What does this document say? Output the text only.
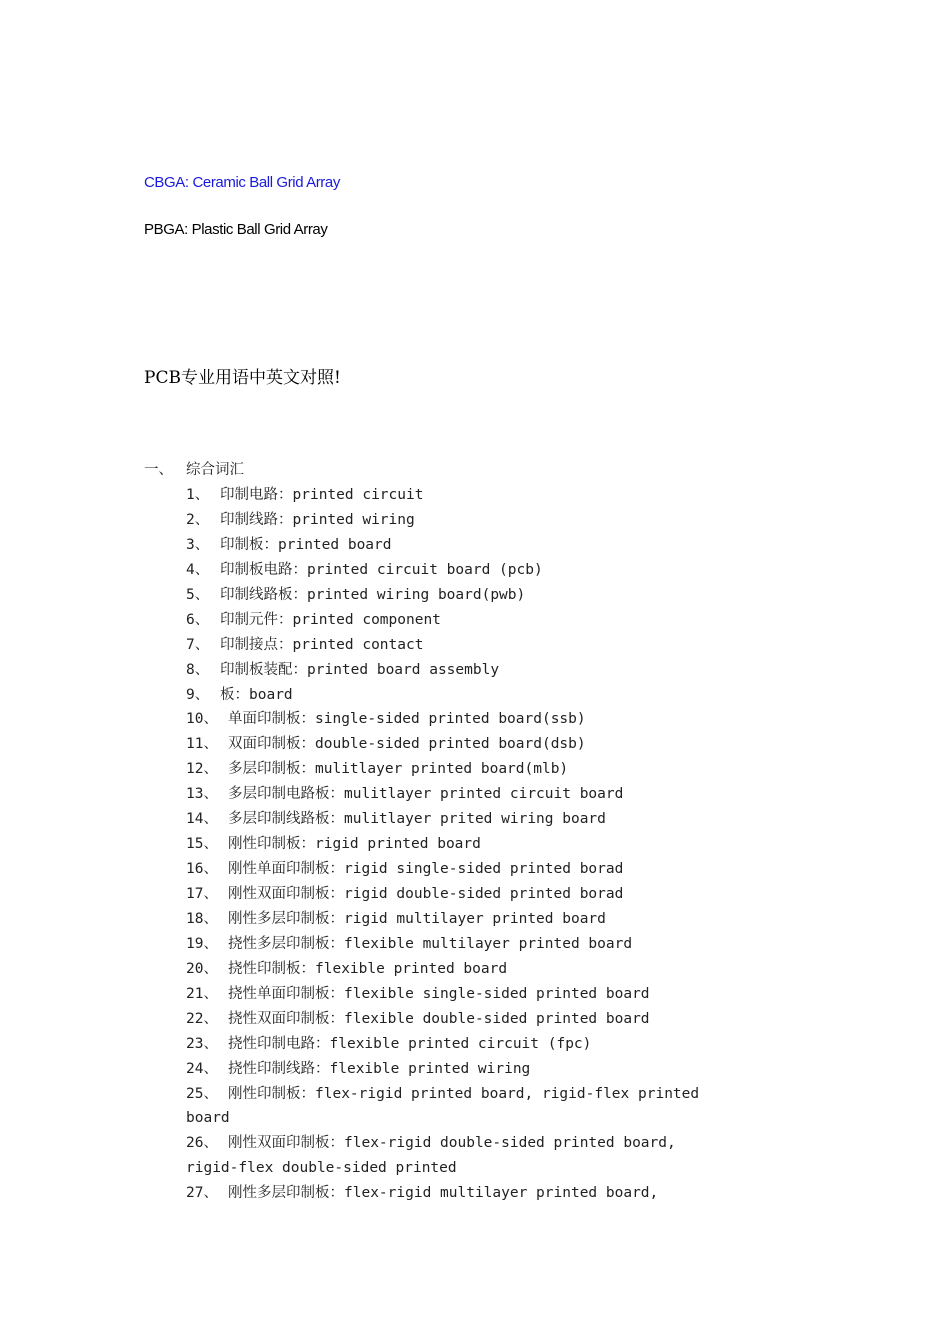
CBGA: Ceramic Ball Grid Array
PBGA: Plastic Ball Grid Array
PCB专业用语中英文对照!
一、 综合词汇
1、 印制电路：printed circuit
2、 印制线路：printed wiring
3、 印制板：printed board
4、 印制板电路：printed circuit board (pcb)
5、 印制线路板：printed wiring board(pwb)
6、 印制元件：printed component
7、 印制接点：printed contact
8、 印制板装配：printed board assembly
9、 板：board
10、 单面印制板：single-sided printed board(ssb)
11、 双面印制板：double-sided printed board(dsb)
12、 多层印制板：mulitlayer printed board(mlb)
13、 多层印制电路板：mulitlayer printed circuit board
14、 多层印制线路板：mulitlayer prited wiring board
15、 刚性印制板：rigid printed board
16、 刚性单面印制板：rigid single-sided printed borad
17、 刚性双面印制板：rigid double-sided printed borad
18、 刚性多层印制板：rigid multilayer printed board
19、 挠性多层印制板：flexible multilayer printed board
20、 挠性印制板：flexible printed board
21、 挠性单面印制板：flexible single-sided printed board
22、 挠性双面印制板：flexible double-sided printed board
23、 挠性印制电路：flexible printed circuit (fpc)
24、 挠性印制线路：flexible printed wiring
25、 刚性印制板：flex-rigid printed board, rigid-flex printed
board
26、 刚性双面印制板：flex-rigid double-sided printed board,
rigid-flex double-sided printed
27、 刚性多层印制板：flex-rigid multilayer printed board,
